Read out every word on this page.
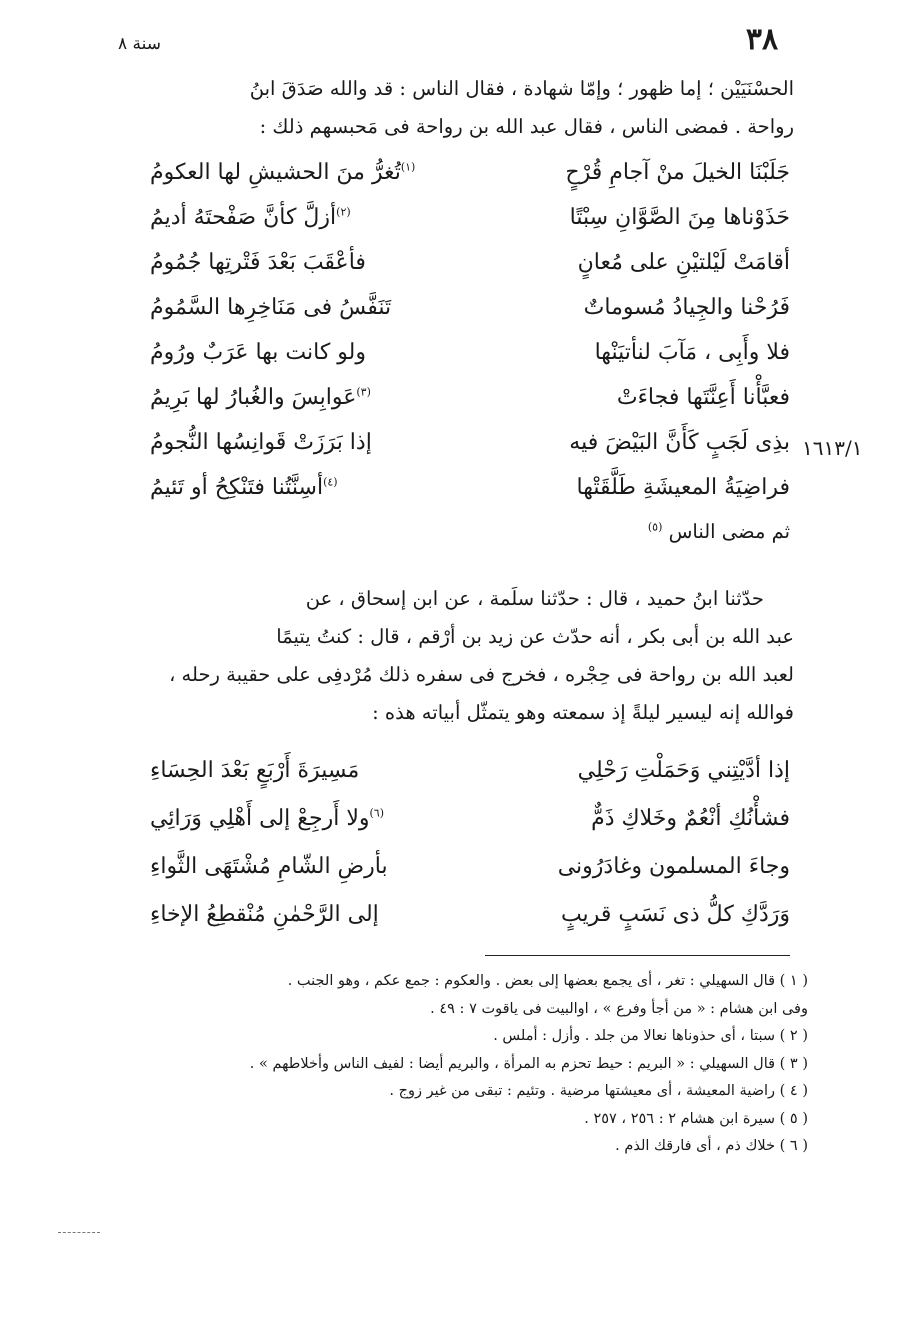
٣٨
سنة ٨

الحسْنَيَيْن ؛ إما ظهور ؛ وإمّا شهادة ، فقال الناس : قد والله صَدَقَ ابنُ

رواحة . فمضى الناس ، فقال عبد الله بن رواحة فى مَحبسهم ذلك :

جَلَبْنَا الخيلَ منْ آجامِ قُرْحٍ
$^{(١)}$تُغرُّ منَ الحشيشِ لها العكومُ
حَذَوْناها مِنَ الصَّوَّانِ سِبْتًا
$^{(٢)}$أزلَّ كأنَّ صَفْحتَهُ أديمُ
أقامَتْ لَيْلتيْنِ على مُعانٍ
فأعْقَبَ بَعْدَ فَتْرتِها جُمُومُ
فَرُحْنا والجِيادُ مُسوماتٌ
تَنَفَّسُ فى مَنَاخِرِها السَّمُومُ
فلا وأَبِى ، مَآبَ لنأتيَنْها
ولو كانت بها عَرَبٌ ورُومُ
فعبَّأْنا أَعِنَّتَها فجاءَتْ
$^{(٣)}$عَوابِسَ والغُبارُ لها بَرِيمُ
بذِى لَجَبٍ كَأَنَّ البَيْضَ فيه
إذا بَرَزَتْ قَوانِسُها النُّجومُ
فراضِيَةُ المعيشَةِ طَلَّقَتْها
$^{(٤)}$أسِنَّتُنا فتَنْكِحُ أو تَئيمُ
ثم مضى الناس $^{(٥)}$
١٦١٣/١

حدّثنا ابنُ حميد ، قال : حدّثنا سلَمة ، عن ابن إسحاق ، عن

عبد الله بن أبى بكر ، أنه حدّث عن زيد بن أرْقم ، قال : كنتُ يتيمًا

لعبد الله بن رواحة فى حِجْره ، فخرج فى سفره ذلك مُرْدفِى على حقيبة رحله ،

فوالله إنه ليسير ليلةً إذ سمعته وهو يتمثّل أبياته هذه :

إذا أدَّيْتِني وَحَمَلْتِ رَحْلِي
مَسِيرَةَ أَرْبَعٍ بَعْدَ الحِسَاءِ
فشأْنُكِ أنْعُمٌ وخَلاكِ ذَمٌّ
$^{(٦)}$ولا أَرجِعْ إلى أَهْلِي وَرَائِي
وجاءَ المسلمون وغادَرُونى
بأرضِ الشّامِ مُشْتَهَى الثَّواءِ
وَرَدَّكِ كلُّ ذى نَسَبٍ قريبٍ
إلى الرَّحْمٰنِ مُنْقطِعُ الإخاءِ
( ١ ) قال السهيلي : تغر ، أى يجمع بعضها إلى بعض . والعكوم : جمع عكم ، وهو الجنب .
وفى ابن هشام : « من أجأ وفرع » ، اوالبيت فى ياقوت ٧ : ٤٩ .
( ٢ ) سبتا ، أى حذوناها نعالا من جلد . وأزل : أملس .
( ٣ ) قال السهيلي : « البريم : حيط تحزم به المرأة ، والبريم أيضا : لفيف الناس وأخلاطهم » .
( ٤ ) راضية المعيشة ، أى معيشتها مرضية . وتئيم : تبقى من غير زوج .
( ٥ ) سيرة ابن هشام ٢ : ٢٥٦ ، ٢٥٧ .
( ٦ ) خلاك ذم ، أى فارقك الذم .
